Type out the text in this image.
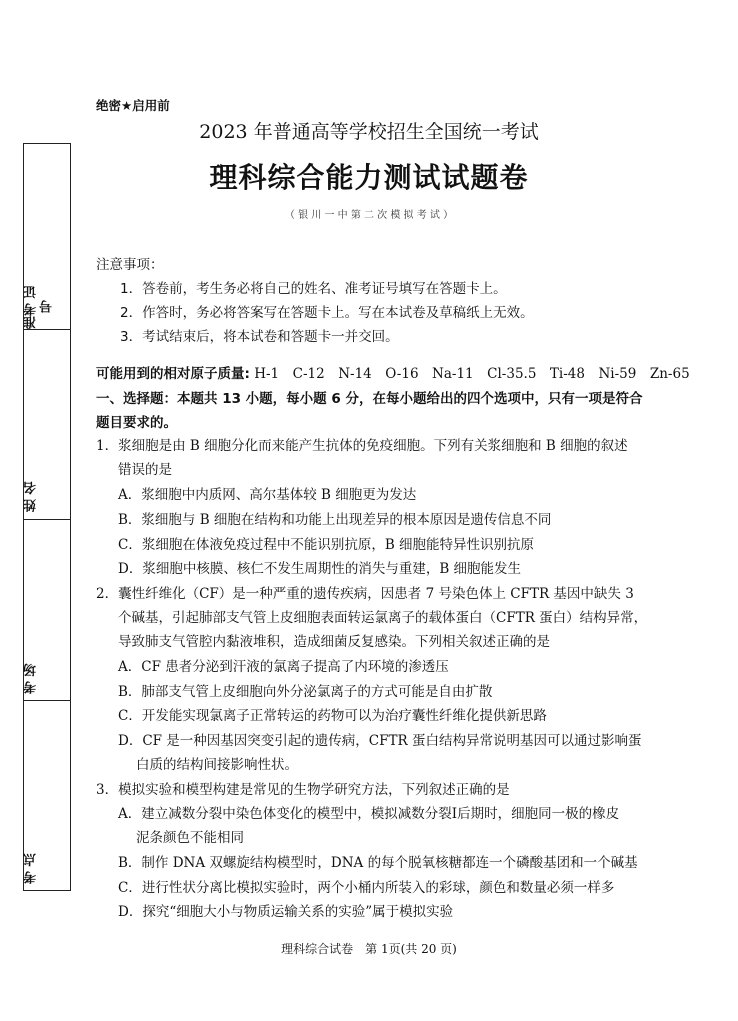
绝密★启用前
2023 年普通高等学校招生全国统一考试
理科综合能力测试试题卷
（ 银 川 一 中 第 二 次 模 拟 考 试 ）
准考 证号
姓 名
考 场
考 点
注意事项：
1．答卷前，考生务必将自己的姓名、准考证号填写在答题卡上。
2．作答时，务必将答案写在答题卡上。写在本试卷及草稿纸上无效。
3．考试结束后，将本试卷和答题卡一并交回。
可能用到的相对原子质量: H-1　C-12　N-14　O-16　Na-11　Cl-35.5　Ti-48　Ni-59　Zn-65
一、选择题：本题共 13 小题，每小题 6 分，在每小题给出的四个选项中，只有一项是符合
题目要求的。
1．浆细胞是由 B 细胞分化而来能产生抗体的免疫细胞。下列有关浆细胞和 B 细胞的叙述
错误的是
A．浆细胞中内质网、高尔基体较 B 细胞更为发达
B．浆细胞与 B 细胞在结构和功能上出现差异的根本原因是遗传信息不同
C．浆细胞在体液免疫过程中不能识别抗原，B 细胞能特异性识别抗原
D．浆细胞中核膜、核仁不发生周期性的消失与重建，B 细胞能发生
2．囊性纤维化（CF）是一种严重的遗传疾病，因患者 7 号染色体上 CFTR 基因中缺失 3
个碱基，引起肺部支气管上皮细胞表面转运氯离子的载体蛋白（CFTR 蛋白）结构异常，
导致肺支气管腔内黏液堆积，造成细菌反复感染。下列相关叙述正确的是
A．CF 患者分泌到汗液的氯离子提高了内环境的渗透压
B．肺部支气管上皮细胞向外分泌氯离子的方式可能是自由扩散
C．开发能实现氯离子正常转运的药物可以为治疗囊性纤维化提供新思路
D．CF 是一种因基因突变引起的遗传病，CFTR 蛋白结构异常说明基因可以通过影响蛋
白质的结构间接影响性状。
3．模拟实验和模型构建是常见的生物学研究方法，下列叙述正确的是
A．建立减数分裂中染色体变化的模型中，模拟减数分裂Ⅰ后期时，细胞同一极的橡皮
泥条颜色不能相同
B．制作 DNA 双螺旋结构模型时，DNA 的每个脱氧核糖都连一个磷酸基团和一个碱基
C．进行性状分离比模拟实验时，两个小桶内所装入的彩球，颜色和数量必须一样多
D．探究“细胞大小与物质运输关系的实验”属于模拟实验
理科综合试卷　第 1页(共 20 页)
